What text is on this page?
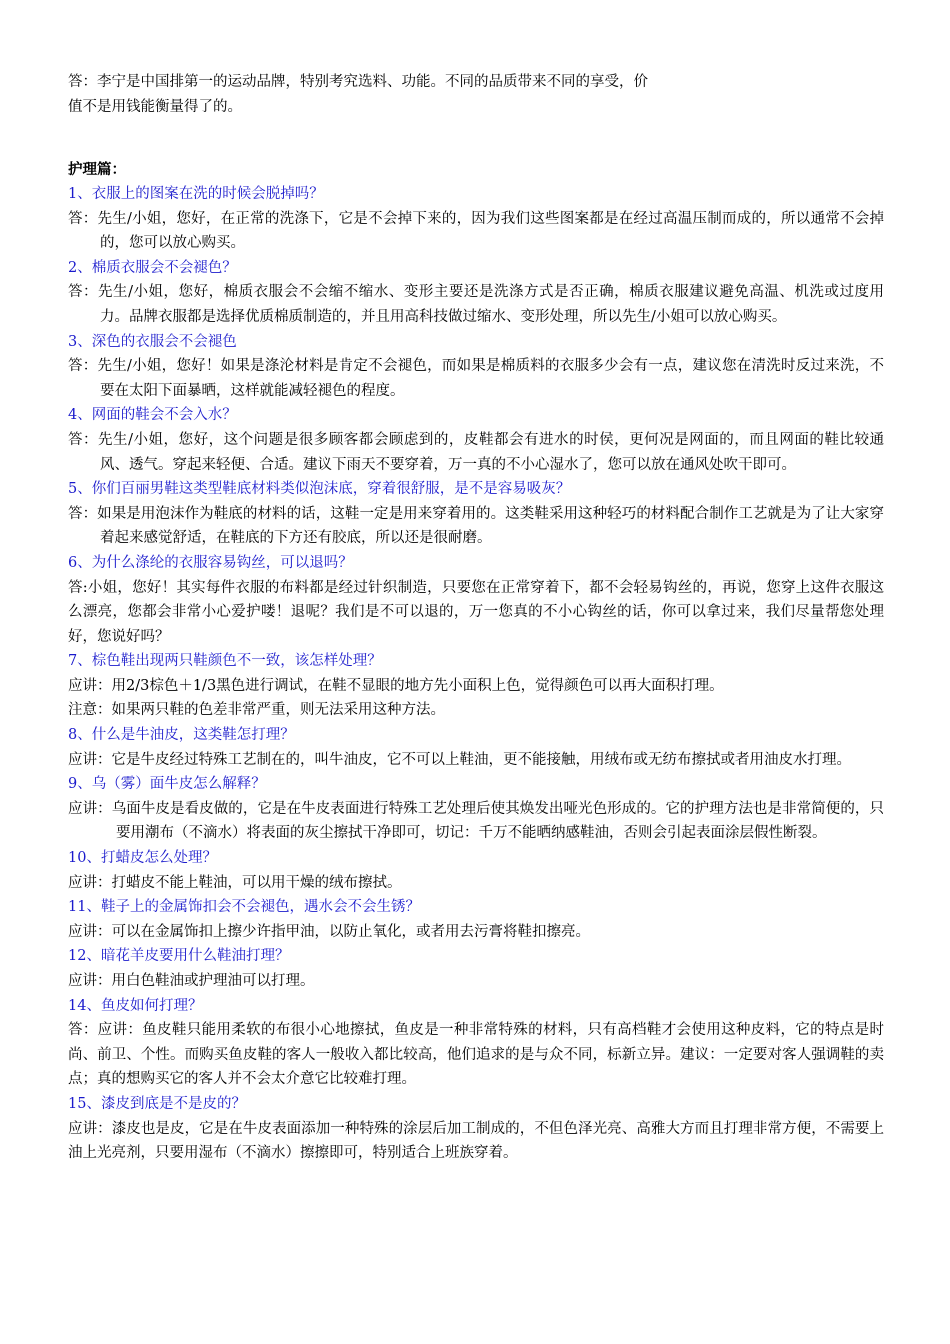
答：李宁是中国排第一的运动品牌，特别考究选料、功能。不同的品质带来不同的享受，价

值不是用钱能衡量得了的。

护理篇：

1、衣服上的图案在洗的时候会脱掉吗？

答：先生/小姐，您好，在正常的洗涤下，它是不会掉下来的，因为我们这些图案都是在经过高温压制而成的，所以通常不会掉的，您可以放心购买。

2、棉质衣服会不会褪色？

答：先生/小姐，您好，棉质衣服会不会缩不缩水、变形主要还是洗涤方式是否正确，棉质衣服建议避免高温、机洗或过度用力。品牌衣服都是选择优质棉质制造的，并且用高科技做过缩水、变形处理，所以先生/小姐可以放心购买。

3、深色的衣服会不会褪色

答：先生/小姐，您好！如果是涤沦材料是肯定不会褪色，而如果是棉质料的衣服多少会有一点，建议您在清洗时反过来洗，不要在太阳下面暴晒，这样就能减轻褪色的程度。

4、网面的鞋会不会入水？

答：先生/小姐，您好，这个问题是很多顾客都会顾虑到的，皮鞋都会有进水的时侯，更何况是网面的，而且网面的鞋比较通风、透气。穿起来轻便、合适。建议下雨天不要穿着，万一真的不小心湿水了，您可以放在通风处吹干即可。

5、你们百丽男鞋这类型鞋底材料类似泡沫底，穿着很舒服，是不是容易吸灰？

答：如果是用泡沫作为鞋底的材料的话，这鞋一定是用来穿着用的。这类鞋采用这种轻巧的材料配合制作工艺就是为了让大家穿着起来感觉舒适，在鞋底的下方还有胶底，所以还是很耐磨。

6、为什么涤纶的衣服容易钩丝，可以退吗？

答:小姐，您好！其实每件衣服的布料都是经过针织制造，只要您在正常穿着下，都不会轻易钩丝的，再说，您穿上这件衣服这么漂亮，您都会非常小心爱护喽！退呢？我们是不可以退的，万一您真的不小心钩丝的话，你可以拿过来，我们尽量帮您处理好，您说好吗？

7、棕色鞋出现两只鞋颜色不一致，该怎样处理？

应讲：用2/3棕色＋1/3黑色进行调试，在鞋不显眼的地方先小面积上色，觉得颜色可以再大面积打理。

注意：如果两只鞋的色差非常严重，则无法采用这种方法。

8、什么是牛油皮，这类鞋怎打理？

应讲：它是牛皮经过特殊工艺制在的，叫牛油皮，它不可以上鞋油，更不能接触，用绒布或无纺布擦拭或者用油皮水打理。

9、乌（雾）面牛皮怎么解释？

应讲：乌面牛皮是看皮做的，它是在牛皮表面进行特殊工艺处理后使其焕发出哑光色形成的。它的护理方法也是非常简便的，只要用潮布（不滴水）将表面的灰尘擦拭干净即可，切记：千万不能晒纳感鞋油，否则会引起表面涂层假性断裂。

10、打蜡皮怎么处理？

应讲：打蜡皮不能上鞋油，可以用干燥的绒布擦拭。

11、鞋子上的金属饰扣会不会褪色，遇水会不会生锈？

应讲：可以在金属饰扣上擦少许指甲油，以防止氧化，或者用去污膏将鞋扣擦亮。

12、暗花羊皮要用什么鞋油打理？

应讲：用白色鞋油或护理油可以打理。

14、鱼皮如何打理？

答：应讲：鱼皮鞋只能用柔软的布很小心地擦拭，鱼皮是一种非常特殊的材料，只有高档鞋才会使用这种皮料，它的特点是时尚、前卫、个性。而购买鱼皮鞋的客人一般收入都比较高，他们追求的是与众不同，标新立异。建议：一定要对客人强调鞋的卖点；真的想购买它的客人并不会太介意它比较难打理。

15、漆皮到底是不是皮的？

应讲：漆皮也是皮，它是在牛皮表面添加一种特殊的涂层后加工制成的，不但色泽光亮、高雅大方而且打理非常方便，不需要上油上光亮剂，只要用湿布（不滴水）擦擦即可，特别适合上班族穿着。
